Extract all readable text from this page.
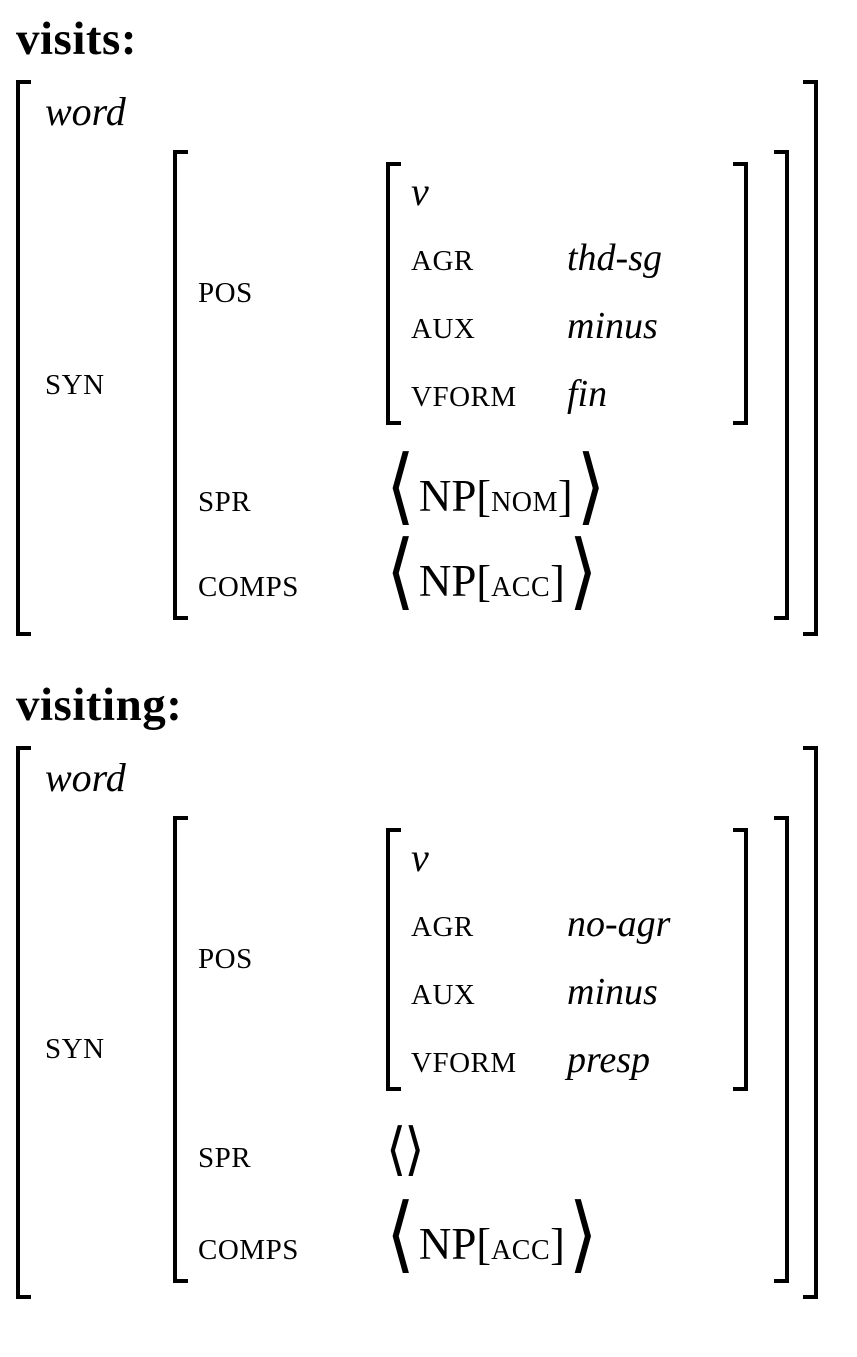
visits:
word
SYN
POS
v
AGR	thd-sg
AUX	minus
VFORM	fin
SPR	⟨ NP [ NOM ] ⟩
COMPS	⟨ NP [ ACC ] ⟩
visiting:
word
SYN
POS
v
AGR	no-agr
AUX	minus
VFORM	presp
SPR	⟨⟩
COMPS	⟨ NP [ ACC ] ⟩
